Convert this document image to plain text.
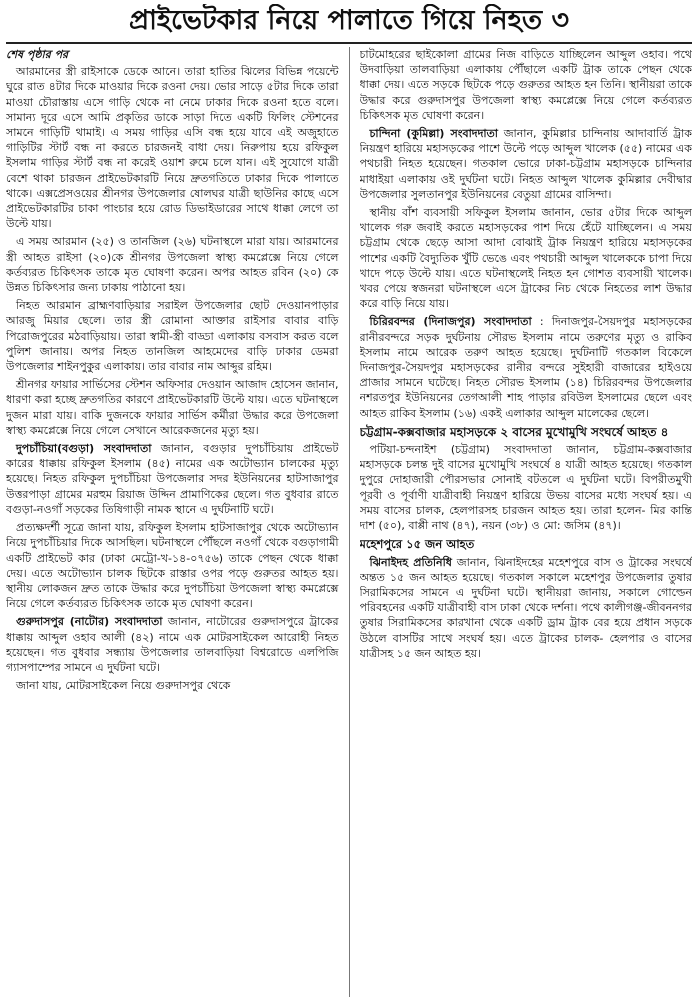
প্রাইভেটকার নিয়ে পালাতে গিয়ে নিহত ৩
শেষ পৃষ্ঠার পর

আরমানের স্ত্রী রাইসাকে ডেকে আনে। তারা হাতির ঝিলের বিভিন্ন পয়েন্টে ঘুরে রাত ৪টার দিকে মাওয়ার দিকে রওনা দেয়। ভোর সাড়ে ৫টার দিকে তারা মাওয়া চৌরাস্তায় এসে গাড়ি থেকে না নেমে ঢাকার দিকে রওনা হতে বলে। সামান্য দূরে এসে আমি প্রকৃতির ডাকে সাড়া দিতে একটি ফিলিং স্টেশনের সামনে গাড়িটি থামাই। এ সময় গাড়ির এসি বন্ধ হয়ে যাবে এই অজুহাতে গাড়িটির স্টার্ট বন্ধ না করতে চারজনই বাধা দেয়। নিরুপায় হয়ে রফিকুল ইসলাম গাড়ির স্টার্ট বন্ধ না করেই ওয়াশ রুমে চলে যান। এই সুযোগে যাত্রী বেশে থাকা চারজন প্রাইভেটকারটি নিয়ে দ্রুতগতিতে ঢাকার দিকে পালাতে থাকে। এক্সপ্রেসওয়ের শ্রীনগর উপজেলার ষোলঘর যাত্রী ছাউনির কাছে এসে প্রাইভেটকারটির চাকা পাংচার হয়ে রোড ডিভাইডারের সাথে ধাক্কা লেগে তা উল্টে যায়।

এ সময় আরমান (২৫) ও তানজিল (২৬) ঘটনাস্থলে মারা যায়। আরমানের স্ত্রী আহত রাইসা (২০)কে শ্রীনগর উপজেলা স্বাস্থ্য কমপ্লেক্সে নিয়ে গেলে কর্তব্যরত চিকিৎসক তাকে মৃত ঘোষণা করেন। অপর আহত রবিন (২০) কে উন্নত চিকিৎসার জন্য ঢাকায় পাঠানো হয়।

নিহত আরমান ব্রাহ্মণবাড়িয়ার সরাইল উপজেলার ছোট দেওয়ানপাড়ার আরজু মিয়ার ছেলে। তার স্ত্রী রোমানা আক্তার রাইসার বাবার বাড়ি পিরোজপুরের মঠবাড়িয়ায়। তারা স্বামী-স্ত্রী বাড্ডা এলাকায় বসবাস করত বলে পুলিশ জানায়। অপর নিহত তানজিল আহমেদের বাড়ি ঢাকার ডেমরা উপজেলার শাইনপুকুর এলাকায়। তার বাবার নাম আব্দুর রহিম।

শ্রীনগর ফায়ার সার্ভিসের স্টেশন অফিসার দেওয়ান আজাদ হোসেন জানান, ধারণা করা হচ্ছে দ্রুতগতির কারণে প্রাইভেটকারটি উল্টে যায়। এতে ঘটনাস্থলে দুজন মারা যায়। বাকি দুজনকে ফায়ার সার্ভিস কর্মীরা উদ্ধার করে উপজেলা স্বাস্থ্য কমপ্লেক্সে নিয়ে গেলে সেখানে আরেকজনের মৃত্যু হয়।

দুপচাঁচিয়া(বগুড়া) সংবাদদাতা জানান, বগুড়ার দুপচাঁচিয়ায় প্রাইভেট কারের ধাক্কায় রফিকুল ইসলাম (৪৫) নামের এক অটোভ্যান চালকের মৃত্যু হয়েছে। নিহত রফিকুল দুপচাঁচিয়া উপজেলার সদর ইউনিয়নের হাটসাজাপুর উত্তরপাড়া গ্রামের মরহুম রিয়াজ উদ্দিন প্রামাণিকের ছেলে। গত বুধবার রাতে বগুড়া-নওগাঁ সড়কের তিষিগাড়ী নামক স্থানে এ দুর্ঘটনাটি ঘটে।

প্রত্যক্ষদর্শী সূত্রে জানা যায়, রফিকুল ইসলাম হাটসাজাপুর থেকে অটোভ্যান নিয়ে দুপচাঁচিয়ার দিকে আসছিল। ঘটনাস্থলে পৌঁছলে নওগাঁ থেকে বগুড়াগামী একটি প্রাইভেট কার (ঢাকা মেট্রো-খ-১৪-০৭৫৬) তাকে পেছন থেকে ধাক্কা দেয়। এতে অটোভ্যান চালক ছিটকে রাস্তার ওপর পড়ে গুরুতর আহত হয়। স্থানীয় লোকজন দ্রুত তাকে উদ্ধার করে দুপচাঁচিয়া উপজেলা স্বাস্থ্য কমপ্লেক্সে নিয়ে গেলে কর্তব্যরত চিকিৎসক তাকে মৃত ঘোষণা করেন।

গুরুদাসপুর (নাটোর) সংবাদদাতা জানান, নাটোরের গুরুদাসপুরে ট্রাকের ধাক্কায় আব্দুল ওহাব আলী (৪২) নামে এক মোটরসাইকেল আরোহী নিহত হয়েছেন। গত বুধবার সন্ধ্যায় উপজেলার তালবাড়িয়া বিশ্বরোডে এলপিজি গ্যাসপাম্পের সামনে এ দুর্ঘটনা ঘটে।

জানা যায়, মোটরসাইকেল নিয়ে গুরুদাসপুর থেকে

চাটমোহরের ছাইকোলা গ্রামের নিজ বাড়িতে যাচ্ছিলেন আব্দুল ওহাব। পথে উদবাড়িয়া তালবাড়িয়া এলাকায় পৌঁছালে একটি ট্রাক তাকে পেছন থেকে ধাক্কা দেয়। এতে সড়কে ছিটকে পড়ে গুরুতর আহত হন তিনি। স্থানীয়রা তাকে উদ্ধার করে গুরুদাসপুর উপজেলা স্বাস্থ্য কমপ্লেক্সে নিয়ে গেলে কর্তব্যরত চিকিৎসক মৃত ঘোষণা করেন।

চান্দিনা (কুমিল্লা) সংবাদদাতা জানান, কুমিল্লার চান্দিনায় আদাবার্তি ট্রাক নিয়ন্ত্রণ হারিয়ে মহাসড়কের পাশে উল্টে পড়ে আব্দুল খালেক (৫৫) নামের এক পথচারী নিহত হয়েছেন। গতকাল ভোরে ঢাকা-চট্টগ্রাম মহাসড়কে চান্দিনার মাধাইয়া এলাকায় ওই দুর্ঘটনা ঘটে। নিহত আব্দুল খালেক কুমিল্লার দেবীদ্বার উপজেলার সুলতানপুর ইউনিয়নের বেতুয়া গ্রামের বাসিন্দা।

স্থানীয় বাঁশ ব্যবসায়ী সফিকুল ইসলাম জানান, ভোর ৫টার দিকে আব্দুল খালেক গরু জবাই করতে মহাসড়কের পাশ দিয়ে হেঁটে যাচ্ছিলেন। এ সময় চট্টগ্রাম থেকে ছেড়ে আসা আদা বোঝাই ট্রাক নিয়ন্ত্রণ হারিয়ে মহাসড়কের পাশের একটি বৈদ্যুতিক খুঁটি ভেঙে এবং পথচারী আব্দুল খালেককে চাপা দিয়ে খাদে পড়ে উল্টে যায়। এতে ঘটনাস্থলেই নিহত হন গোশত ব্যবসায়ী খালেক। খবর পেয়ে স্বজনরা ঘটনাস্থলে এসে ট্রাকের নিচ থেকে নিহতের লাশ উদ্ধার করে বাড়ি নিয়ে যায়।

চিরিরবন্দর (দিনাজপুর) সংবাদদাতা : দিনাজপুর-সৈয়দপুর মহাসড়কের রানীরবন্দরে সড়ক দুর্ঘটনায় সৌরভ ইসলাম নামে তরুণের মৃত্যু ও রাকিব ইসলাম নামে আরেক তরুণ আহত হয়েছে। দুর্ঘটনাটি গতকাল বিকেলে দিনাজপুর-সৈয়দপুর মহাসড়কের রানীর বন্দরে সুইহারী বাজারের হাইওয়ে প্রাজার সামনে ঘটেছে। নিহত সৌরভ ইসলাম (১৪) চিরিরবন্দর উপজেলার নশরতপুর ইউনিয়নের তেগআলী শাহ পাড়ার রবিউল ইসলামের ছেলে এবং আহত রাকিব ইসলাম (১৬) একই এলাকার আব্দুল মালেকের ছেলে।

চট্টগ্রাম-কক্সবাজার মহাসড়কে ২ বাসের মুখোমুখি সংঘর্ষে আহত ৪

পটিয়া-চন্দনাইশ (চট্টগ্রাম) সংবাদদাতা জানান, চট্টগ্রাম-কক্সবাজার মহাসড়কে চলন্ত দুই বাসের মুখোমুখি সংঘর্ষে ৪ যাত্রী আহত হয়েছে। গতকাল দুপুরে দোহাজারী পৌরসভার সোনাই বটতলে এ দুর্ঘটনা ঘটে। বিপরীতমুখী পূরবী ও পূর্বাণী যাত্রীবাহী নিয়ন্ত্রণ হারিয়ে উভয় বাসের মধ্যে সংঘর্ষ হয়। এ সময় বাসের চালক, হেলপারসহ চারজন আহত হয়। তারা হলেন- মির কান্তি দাশ (৫০), বাপ্পী নাথ (৪৭), নয়ন (৩৮) ও মো: জসিম (৪৭)।

মহেশপুরে ১৫ জন আহত

ঝিনাইদহ প্রতিনিধি জানান, ঝিনাইদহের মহেশপুরে বাস ও ট্রাকের সংঘর্ষে অন্তত ১৫ জন আহত হয়েছে। গতকাল সকালে মহেশপুর উপজেলার তুষার সিরামিকসের সামনে এ দুর্ঘটনা ঘটে। স্থানীয়রা জানায়, সকালে গোল্ডেন পরিবহনের একটি যাত্রীবাহী বাস ঢাকা থেকে দর্শনা। পথে কালীগঞ্জ-জীবননগর তুষার সিরামিকসের কারখানা থেকে একটি ড্রাম ট্রাক বের হয়ে প্রধান সড়কে উঠলে বাসটির সাথে সংঘর্ষ হয়। এতে ট্রাকের চালক- হেলপার ও বাসের যাত্রীসহ ১৫ জন আহত হয়।
